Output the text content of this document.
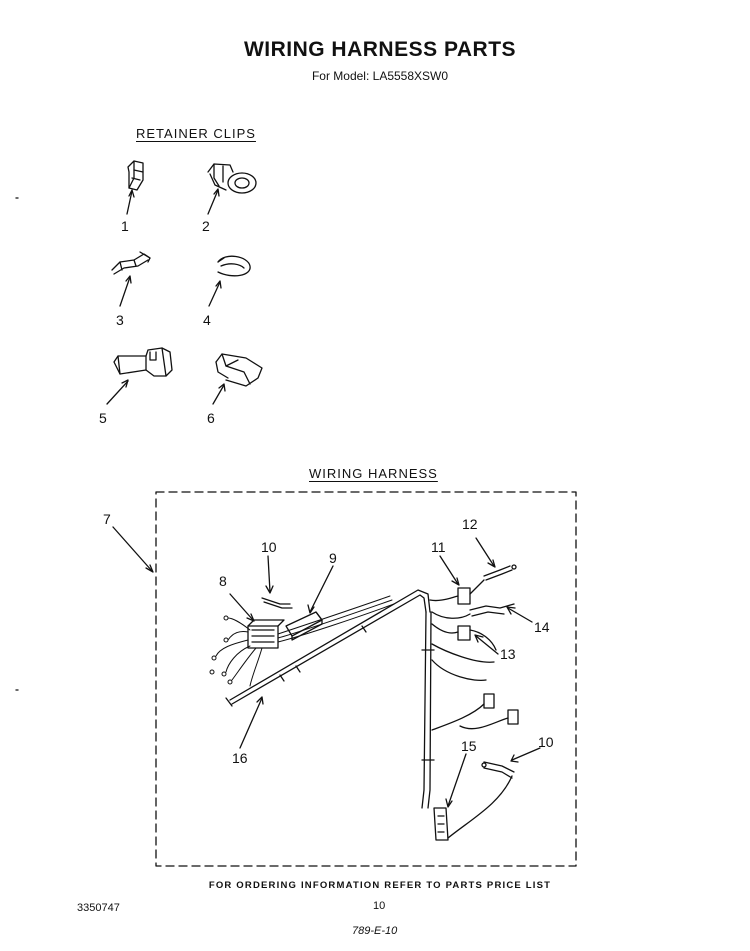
WIRING HARNESS PARTS
For Model: LA5558XSW0
RETAINER CLIPS
WIRING HARNESS
1	2
3	4
5	6
7
8
9
10	11
12
13
14
15	10
16
FOR ORDERING INFORMATION REFER TO PARTS PRICE LIST
3350747	10
789-E-10
